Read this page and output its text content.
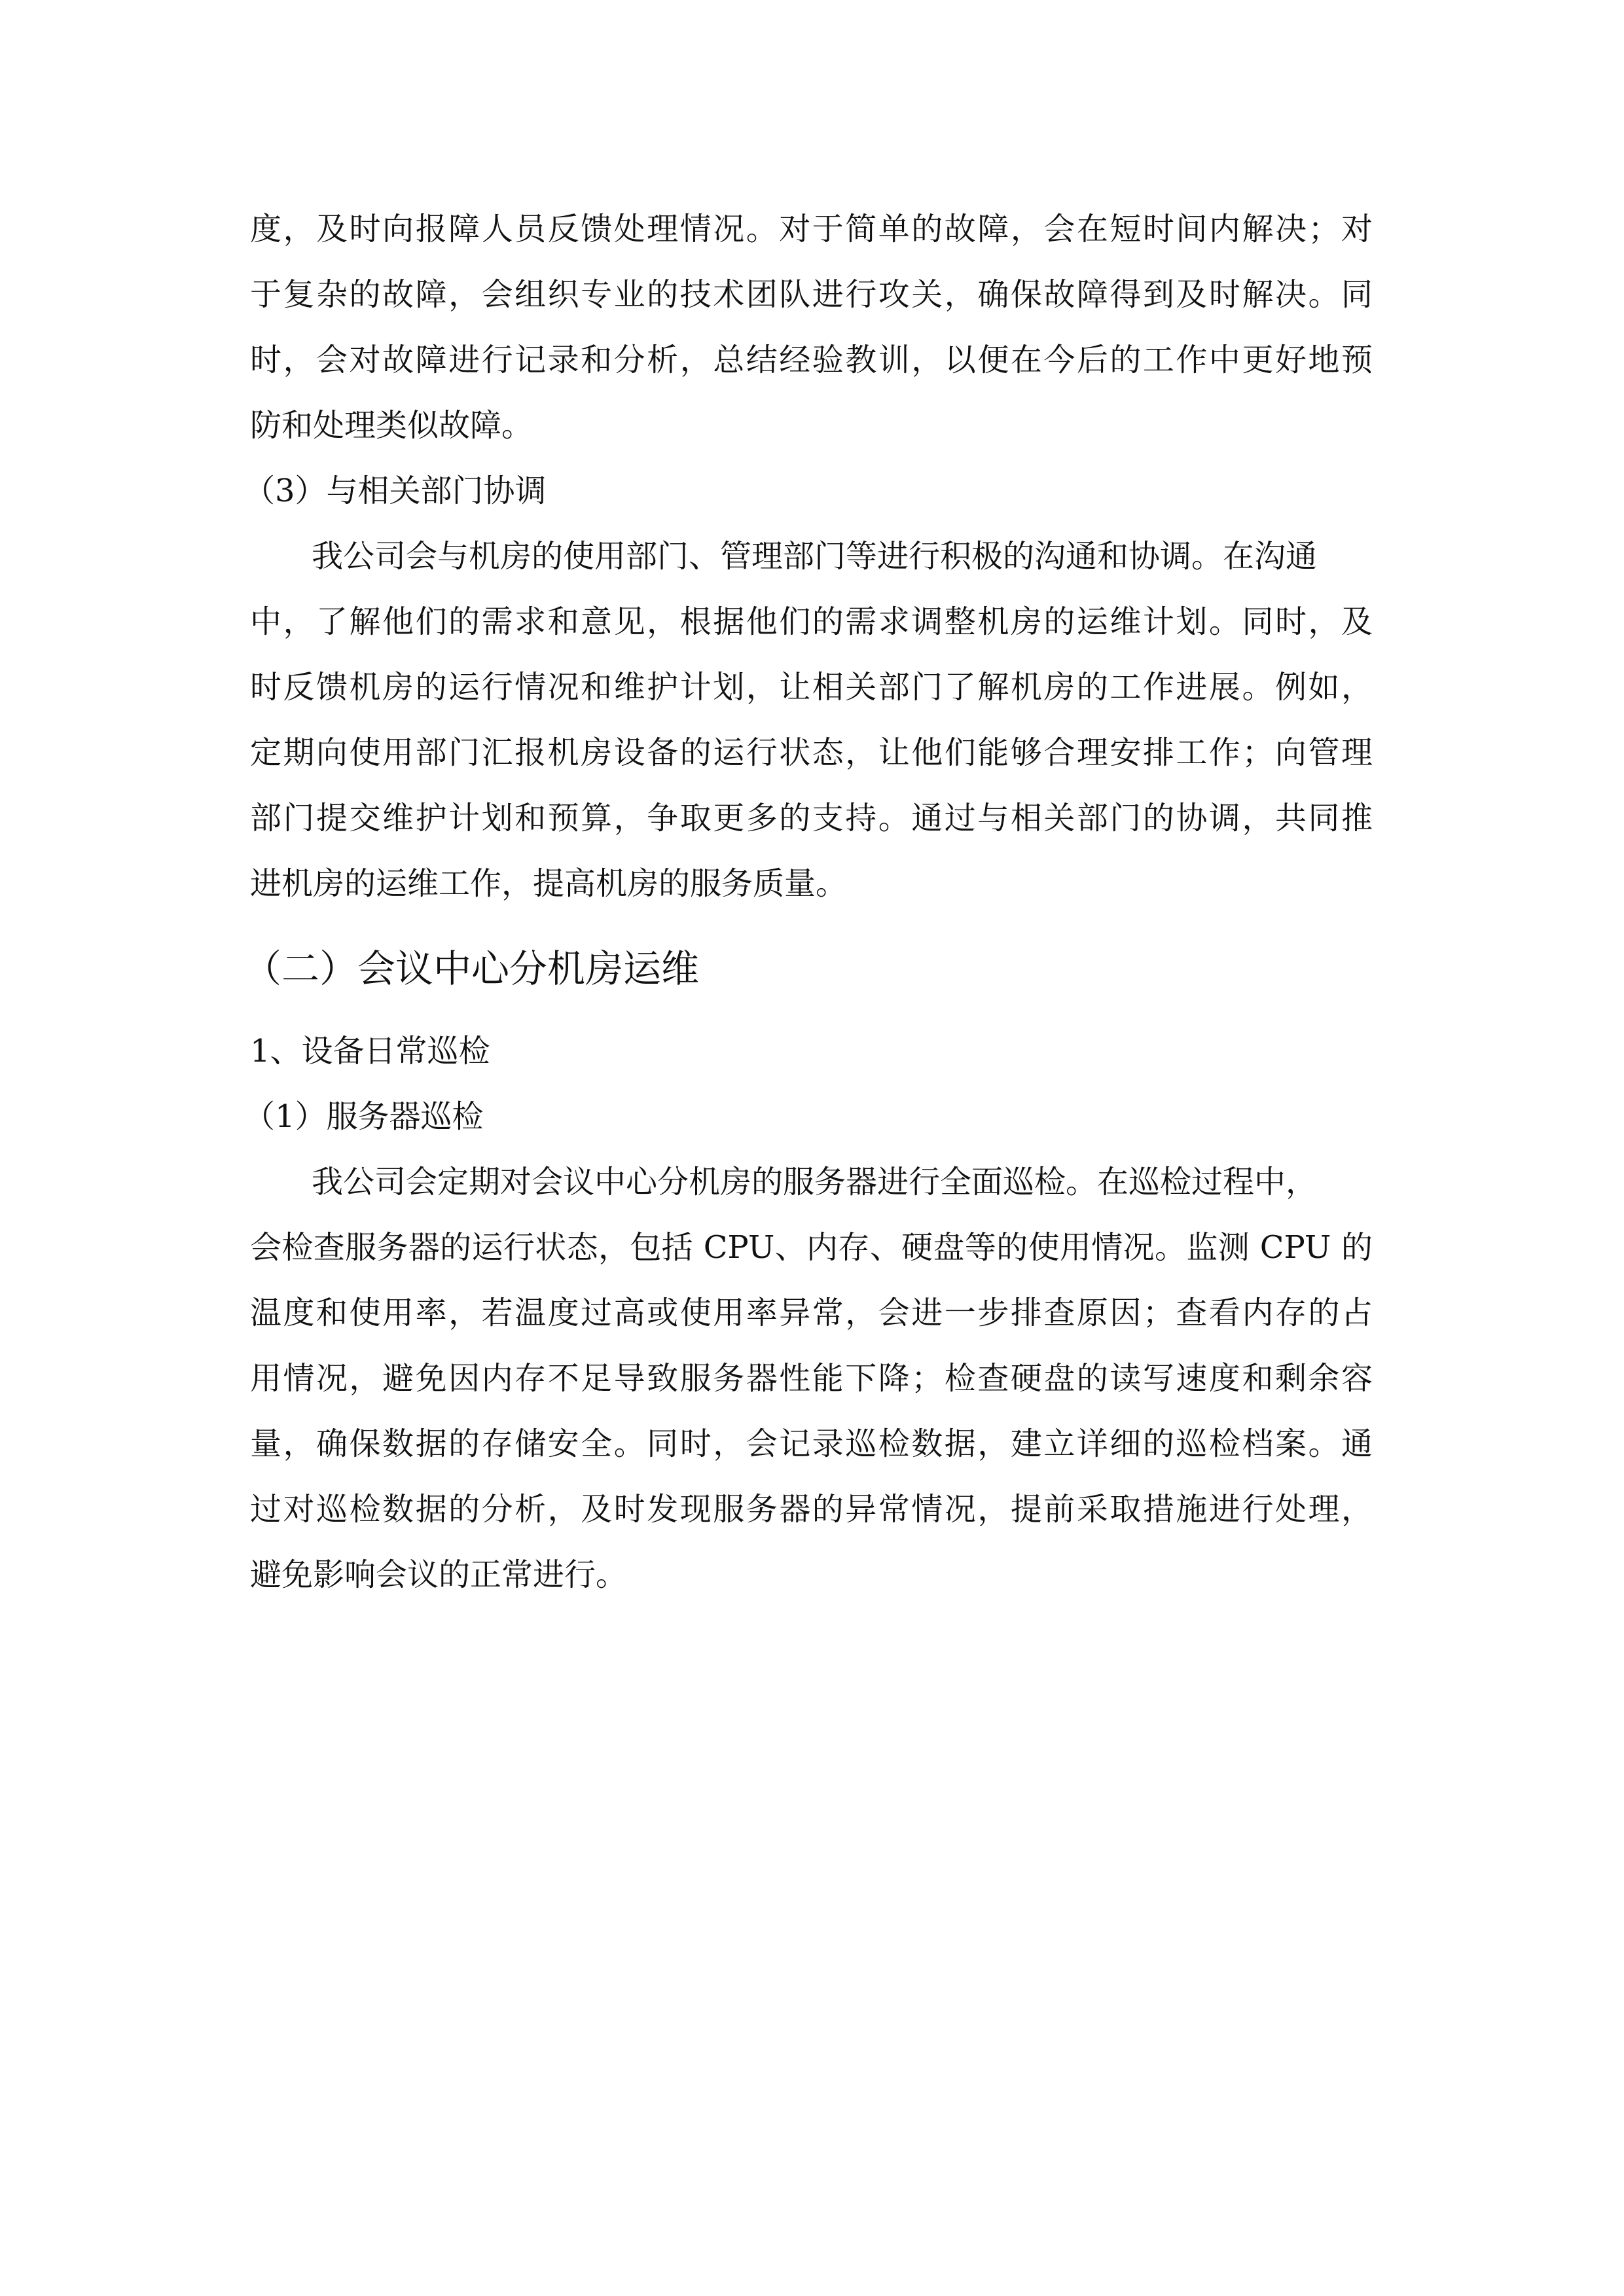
度，及时向报障人员反馈处理情况。对于简单的故障，会在短时间内解决；对
于复杂的故障，会组织专业的技术团队进行攻关，确保故障得到及时解决。同
时，会对故障进行记录和分析，总结经验教训，以便在今后的工作中更好地预
防和处理类似故障。
（3）与相关部门协调
我公司会与机房的使用部门、管理部门等进行积极的沟通和协调。在沟通
中，了解他们的需求和意见，根据他们的需求调整机房的运维计划。同时，及
时反馈机房的运行情况和维护计划，让相关部门了解机房的工作进展。例如，
定期向使用部门汇报机房设备的运行状态，让他们能够合理安排工作；向管理
部门提交维护计划和预算，争取更多的支持。通过与相关部门的协调，共同推
进机房的运维工作，提高机房的服务质量。
（二）会议中心分机房运维
1、设备日常巡检
（1）服务器巡检
我公司会定期对会议中心分机房的服务器进行全面巡检。在巡检过程中，
会检查服务器的运行状态，包括 CPU、内存、硬盘等的使用情况。监测 CPU 的
温度和使用率，若温度过高或使用率异常，会进一步排查原因；查看内存的占
用情况，避免因内存不足导致服务器性能下降；检查硬盘的读写速度和剩余容
量，确保数据的存储安全。同时，会记录巡检数据，建立详细的巡检档案。通
过对巡检数据的分析，及时发现服务器的异常情况，提前采取措施进行处理，
避免影响会议的正常进行。
